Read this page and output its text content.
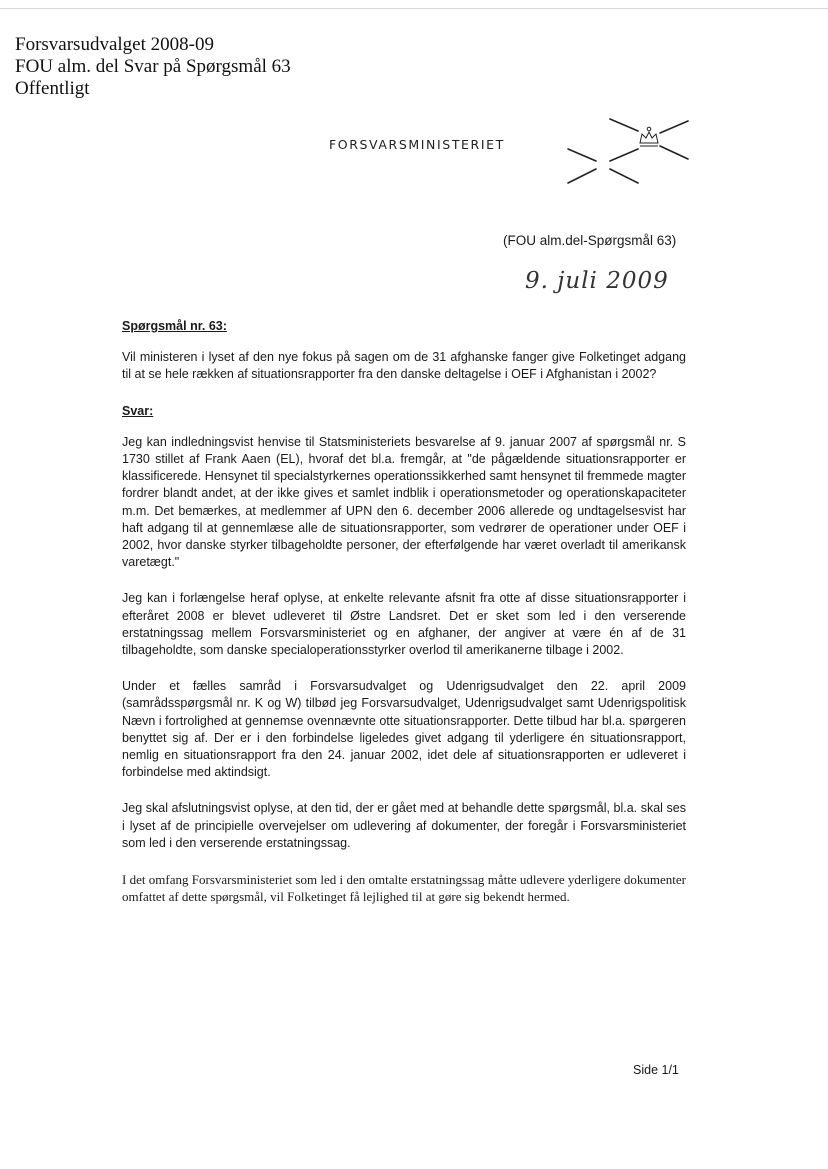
Forsvarsudvalget 2008-09
FOU alm. del Svar på Spørgsmål 63
Offentligt
FORSVARSMINISTERIET
(FOU alm.del-Spørgsmål 63)
9. juli 2009
Spørgsmål nr. 63:

Vil ministeren i lyset af den nye fokus på sagen om de 31 afghanske fanger give Folketinget adgang til at se hele rækken af situationsrapporter fra den danske deltagelse i OEF i Afghanistan i 2002?

Svar:

Jeg kan indledningsvist henvise til Statsministeriets besvarelse af 9. januar 2007 af spørgsmål nr. S 1730 stillet af Frank Aaen (EL), hvoraf det bl.a. fremgår, at "de pågældende situationsrapporter er klassificerede. Hensynet til specialstyrkernes operationssikkerhed samt hensynet til fremmede magter fordrer blandt andet, at der ikke gives et samlet indblik i operationsmetoder og operationskapaciteter m.m. Det bemærkes, at medlemmer af UPN den 6. december 2006 allerede og undtagelsesvist har haft adgang til at gennemlæse alle de situationsrapporter, som vedrører de operationer under OEF i 2002, hvor danske styrker tilbageholdte personer, der efterfølgende har været overladt til amerikansk varetægt."

Jeg kan i forlængelse heraf oplyse, at enkelte relevante afsnit fra otte af disse situationsrapporter i efteråret 2008 er blevet udleveret til Østre Landsret. Det er sket som led i den verserende erstatningssag mellem Forsvarsministeriet og en afghaner, der angiver at være én af de 31 tilbageholdte, som danske specialoperationsstyrker overlod til amerikanerne tilbage i 2002.

Under et fælles samråd i Forsvarsudvalget og Udenrigsudvalget den 22. april 2009 (samrådsspørgsmål nr. K og W) tilbød jeg Forsvarsudvalget, Udenrigsudvalget samt Udenrigspolitisk Nævn i fortrolighed at gennemse ovennævnte otte situationsrapporter. Dette tilbud har bl.a. spørgeren benyttet sig af. Der er i den forbindelse ligeledes givet adgang til yderligere én situationsrapport, nemlig en situationsrapport fra den 24. januar 2002, idet dele af situationsrapporten er udleveret i forbindelse med aktindsigt.

Jeg skal afslutningsvist oplyse, at den tid, der er gået med at behandle dette spørgsmål, bl.a. skal ses i lyset af de principielle overvejelser om udlevering af dokumenter, der foregår i Forsvarsministeriet som led i den verserende erstatningssag.

I det omfang Forsvarsministeriet som led i den omtalte erstatningssag måtte udlevere yderligere dokumenter omfattet af dette spørgsmål, vil Folketinget få lejlighed til at gøre sig bekendt hermed.

Side 1/1
